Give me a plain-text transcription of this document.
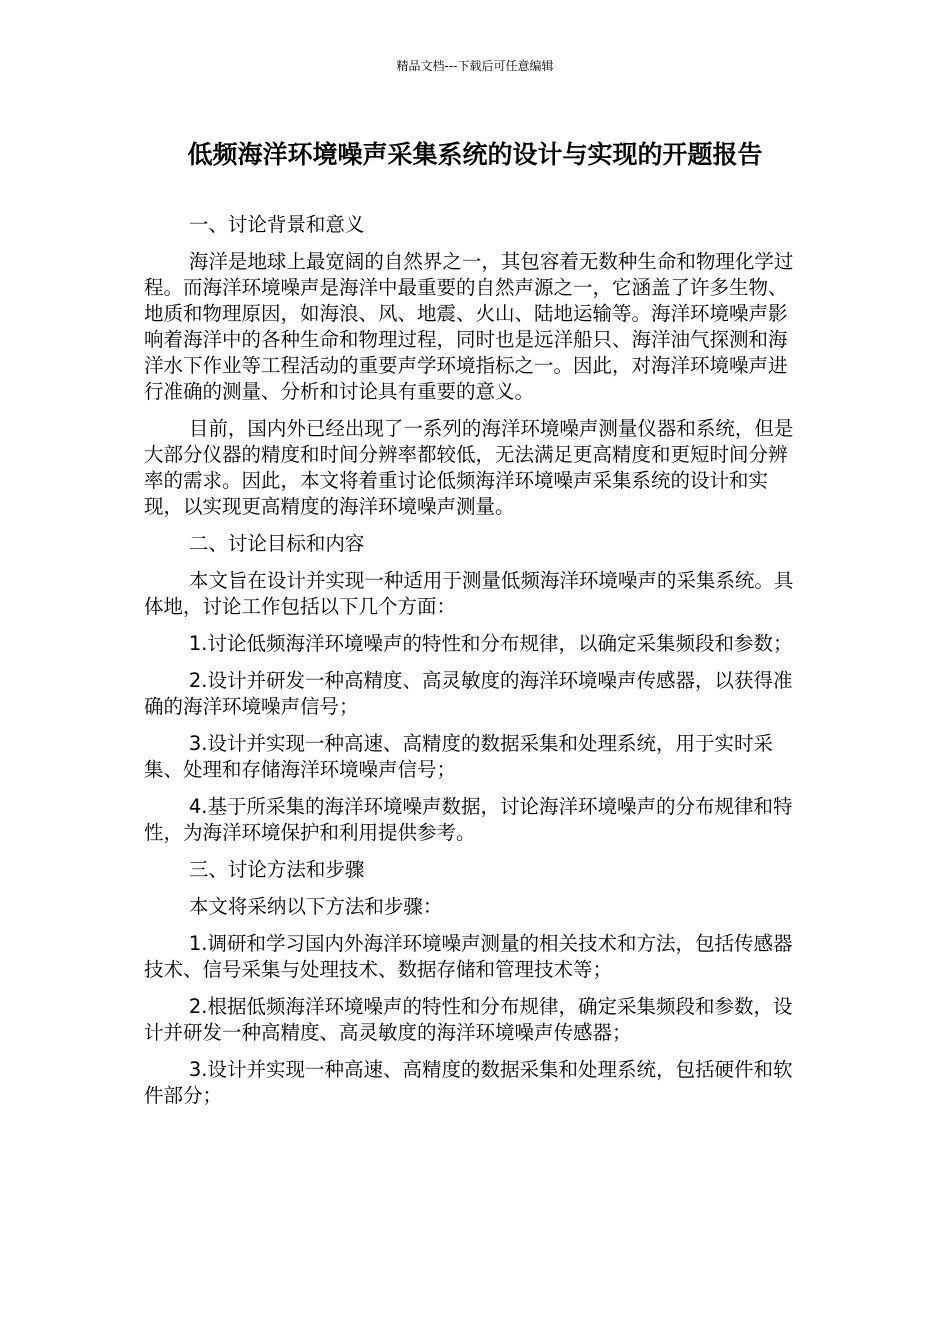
精品文档---下载后可任意编辑
低频海洋环境噪声采集系统的设计与实现的开题报告

一、讨论背景和意义

海洋是地球上最宽阔的自然界之一，其包容着无数种生命和物理化学过程。而海洋环境噪声是海洋中最重要的自然声源之一，它涵盖了许多生物、地质和物理原因，如海浪、风、地震、火山、陆地运输等。海洋环境噪声影响着海洋中的各种生命和物理过程，同时也是远洋船只、海洋油气探测和海洋水下作业等工程活动的重要声学环境指标之一。因此，对海洋环境噪声进行准确的测量、分析和讨论具有重要的意义。

目前，国内外已经出现了一系列的海洋环境噪声测量仪器和系统，但是大部分仪器的精度和时间分辨率都较低，无法满足更高精度和更短时间分辨率的需求。因此，本文将着重讨论低频海洋环境噪声采集系统的设计和实现，以实现更高精度的海洋环境噪声测量。

二、讨论目标和内容

本文旨在设计并实现一种适用于测量低频海洋环境噪声的采集系统。具体地，讨论工作包括以下几个方面：

1.讨论低频海洋环境噪声的特性和分布规律，以确定采集频段和参数；

2.设计并研发一种高精度、高灵敏度的海洋环境噪声传感器，以获得准确的海洋环境噪声信号；

3.设计并实现一种高速、高精度的数据采集和处理系统，用于实时采集、处理和存储海洋环境噪声信号；

4.基于所采集的海洋环境噪声数据，讨论海洋环境噪声的分布规律和特性，为海洋环境保护和利用提供参考。

三、讨论方法和步骤

本文将采纳以下方法和步骤：

1.调研和学习国内外海洋环境噪声测量的相关技术和方法，包括传感器技术、信号采集与处理技术、数据存储和管理技术等；

2.根据低频海洋环境噪声的特性和分布规律，确定采集频段和参数，设计并研发一种高精度、高灵敏度的海洋环境噪声传感器；

3.设计并实现一种高速、高精度的数据采集和处理系统，包括硬件和软件部分；
